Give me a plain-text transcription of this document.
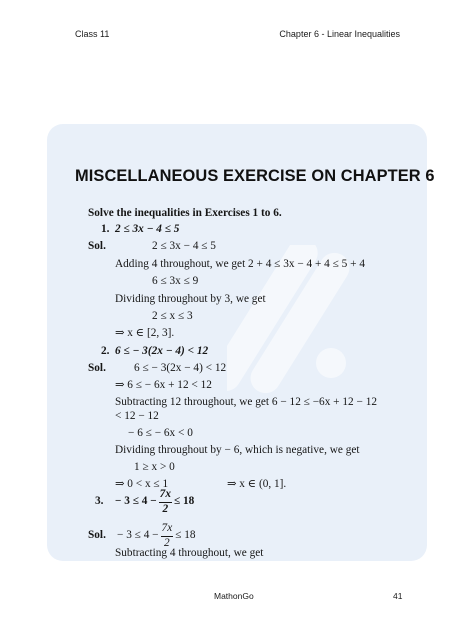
Class 11	Chapter 6 - Linear Inequalities
MISCELLANEOUS EXERCISE ON CHAPTER 6
Solve the inequalities in Exercises 1 to 6.
1. 2 ≤ 3x − 4 ≤ 5
Sol.	2 ≤ 3x − 4 ≤ 5
Adding 4 throughout, we get 2 + 4 ≤ 3x − 4 + 4 ≤ 5 + 4
6 ≤ 3x ≤ 9
Dividing throughout by 3, we get
2 ≤ x ≤ 3
⇒ x ∈ [2, 3].
2. 6 ≤ − 3(2x − 4) < 12
Sol. 6 ≤ − 3(2x − 4) < 12
⇒ 6 ≤ − 6x + 12 < 12
Subtracting 12 throughout, we get 6 − 12 ≤ −6x + 12 − 12
< 12 − 12
− 6 ≤ − 6x < 0
Dividing throughout by − 6, which is negative, we get
1 ≥ x > 0
⇒ 0 < x ≤ 1	⇒ x ∈ (0, 1].
3. − $3 \le 4 - \frac{7x}{2} \le 18$
Sol. − $3 \le 4 - \frac{7x}{2} \le 18$
Subtracting 4 throughout, we get
MathonGo	41
